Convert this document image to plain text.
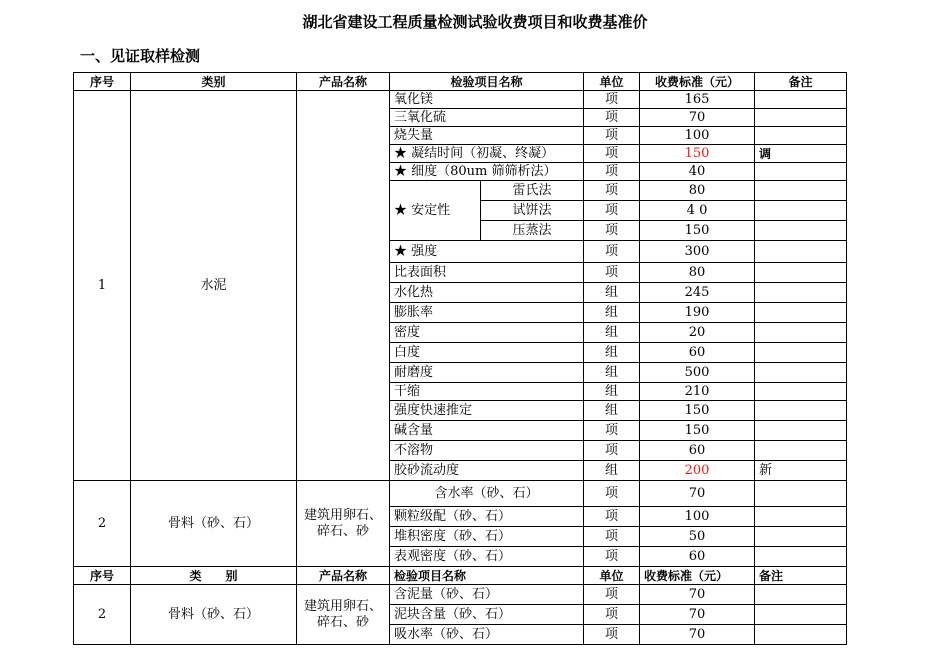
湖北省建设工程质量检测试验收费项目和收费基准价
一、见证取样检测
序号	类别	产品名称	检验项目名称		单位	收费标准（元）	备注
1	水泥		氧化镁		项	165	
			三氧化硫		项	70	
			烧失量		项	100	
			★ 凝结时间（初凝、终凝）		项	150	调
			★ 细度（80um 筛筛析法）		项	40	
			★ 安定性	雷氏法	项	80	
				试饼法	项	4 0	
				压蒸法	项	150	
			★ 强度		项	300	
			比表面积		项	80	
			水化热		组	245	
			膨胀率		组	190	
			密度		组	20	
			白度		组	60	
			耐磨度		组	500	
			干缩		组	210	
			强度快速推定		组	150	
			碱含量		项	150	
			不溶物		项	60	
			胶砂流动度		组	200	新
2	骨料（砂、石）	建筑用卵石、碎石、砂	含水率（砂、石）		项	70	
			颗粒级配（砂、石）		项	100	
			堆积密度（砂、石）		项	50	
			表观密度（砂、石）		项	60	
序号	类　　别	产品名称	检验项目名称		单位	收费标准（元）	备注
2	骨料（砂、石）	建筑用卵石、碎石、砂	含泥量（砂、石）		项	70	
			泥块含量（砂、石）		项	70	
			吸水率（砂、石）		项	70	
